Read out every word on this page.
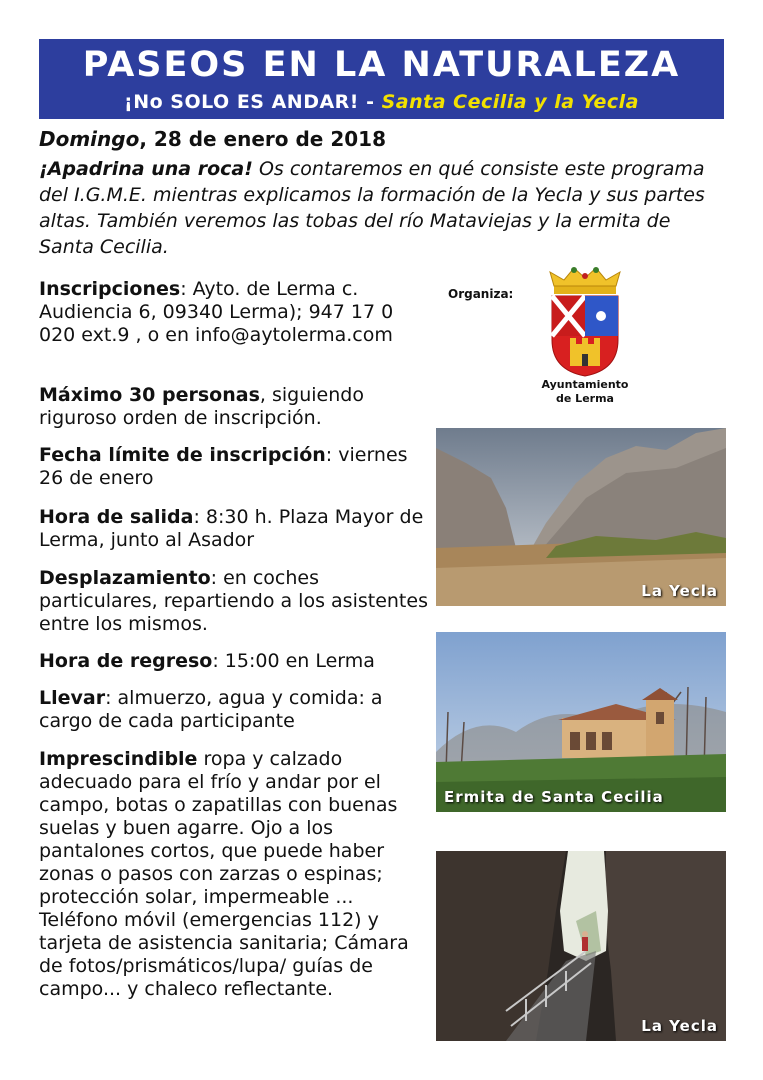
PASEOS EN LA NATURALEZA
¡No SOLO ES ANDAR! - Santa Cecilia y la Yecla
Domingo, 28 de enero de 2018
¡Apadrina una roca! Os contaremos en qué consiste este programa del I.G.M.E. mientras explicamos la formación de la Yecla y sus partes altas. También veremos las tobas del río Mataviejas y la ermita de Santa Cecilia.
Inscripciones: Ayto. de Lerma c. Audiencia 6, 09340 Lerma); 947 17 0 020 ext.9 , o en info@aytolerma.com
Máximo 30 personas, siguiendo riguroso orden de inscripción.
Fecha límite de inscripción: viernes 26 de enero
Hora de salida: 8:30 h. Plaza Mayor de Lerma, junto al Asador
Desplazamiento: en coches particulares, repartiendo a los asistentes entre los mismos.
Hora de regreso: 15:00 en Lerma
Llevar: almuerzo, agua y comida: a cargo de cada participante
Imprescindible ropa y calzado adecuado para el frío y andar por el campo, botas o zapatillas con buenas suelas y buen agarre. Ojo a los pantalones cortos, que puede haber zonas o pasos con zarzas o espinas; protección solar, impermeable ... Teléfono móvil (emergencias 112) y tarjeta de asistencia sanitaria; Cámara de fotos/prismáticos/lupa/ guías de campo... y chaleco reflectante.
Organiza:
Ayuntamiento
de Lerma
La Yecla
Ermita de Santa Cecilia
La Yecla
